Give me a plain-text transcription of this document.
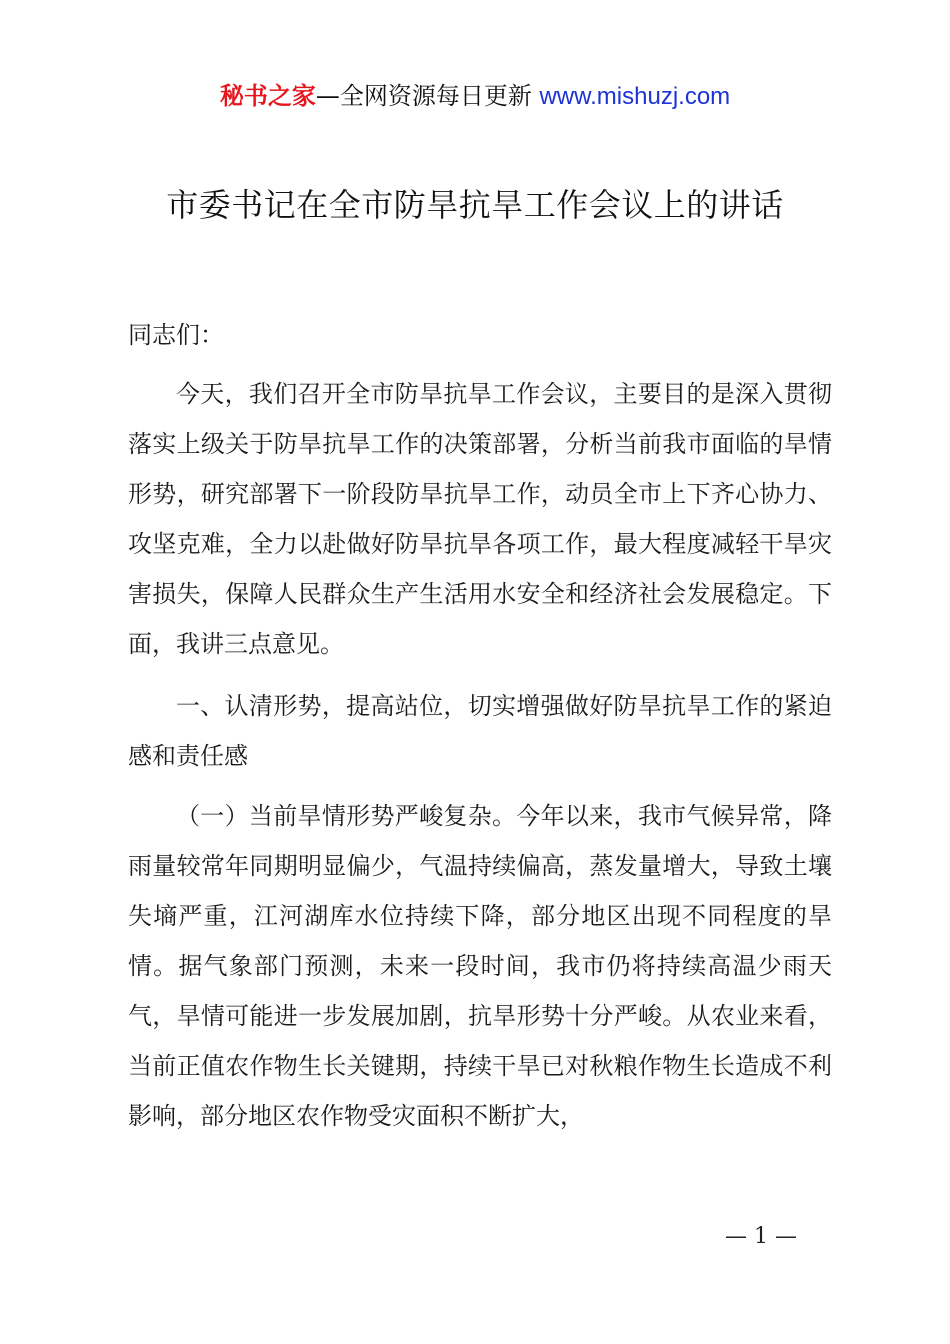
秘书之家—全网资源每日更新 www.mishuzj.com
市委书记在全市防旱抗旱工作会议上的讲话

同志们：

今天，我们召开全市防旱抗旱工作会议，主要目的是深入贯彻落实上级关于防旱抗旱工作的决策部署，分析当前我市面临的旱情形势，研究部署下一阶段防旱抗旱工作，动员全市上下齐心协力、攻坚克难，全力以赴做好防旱抗旱各项工作，最大程度减轻干旱灾害损失，保障人民群众生产生活用水安全和经济社会发展稳定。下面，我讲三点意见。

一、认清形势，提高站位，切实增强做好防旱抗旱工作的紧迫感和责任感

（一）当前旱情形势严峻复杂。今年以来，我市气候异常，降雨量较常年同期明显偏少，气温持续偏高，蒸发量增大，导致土壤失墒严重，江河湖库水位持续下降，部分地区出现不同程度的旱情。据气象部门预测，未来一段时间，我市仍将持续高温少雨天气，旱情可能进一步发展加剧，抗旱形势十分严峻。从农业来看，当前正值农作物生长关键期，持续干旱已对秋粮作物生长造成不利影响，部分地区农作物受灾面积不断扩大，

— 1 —
